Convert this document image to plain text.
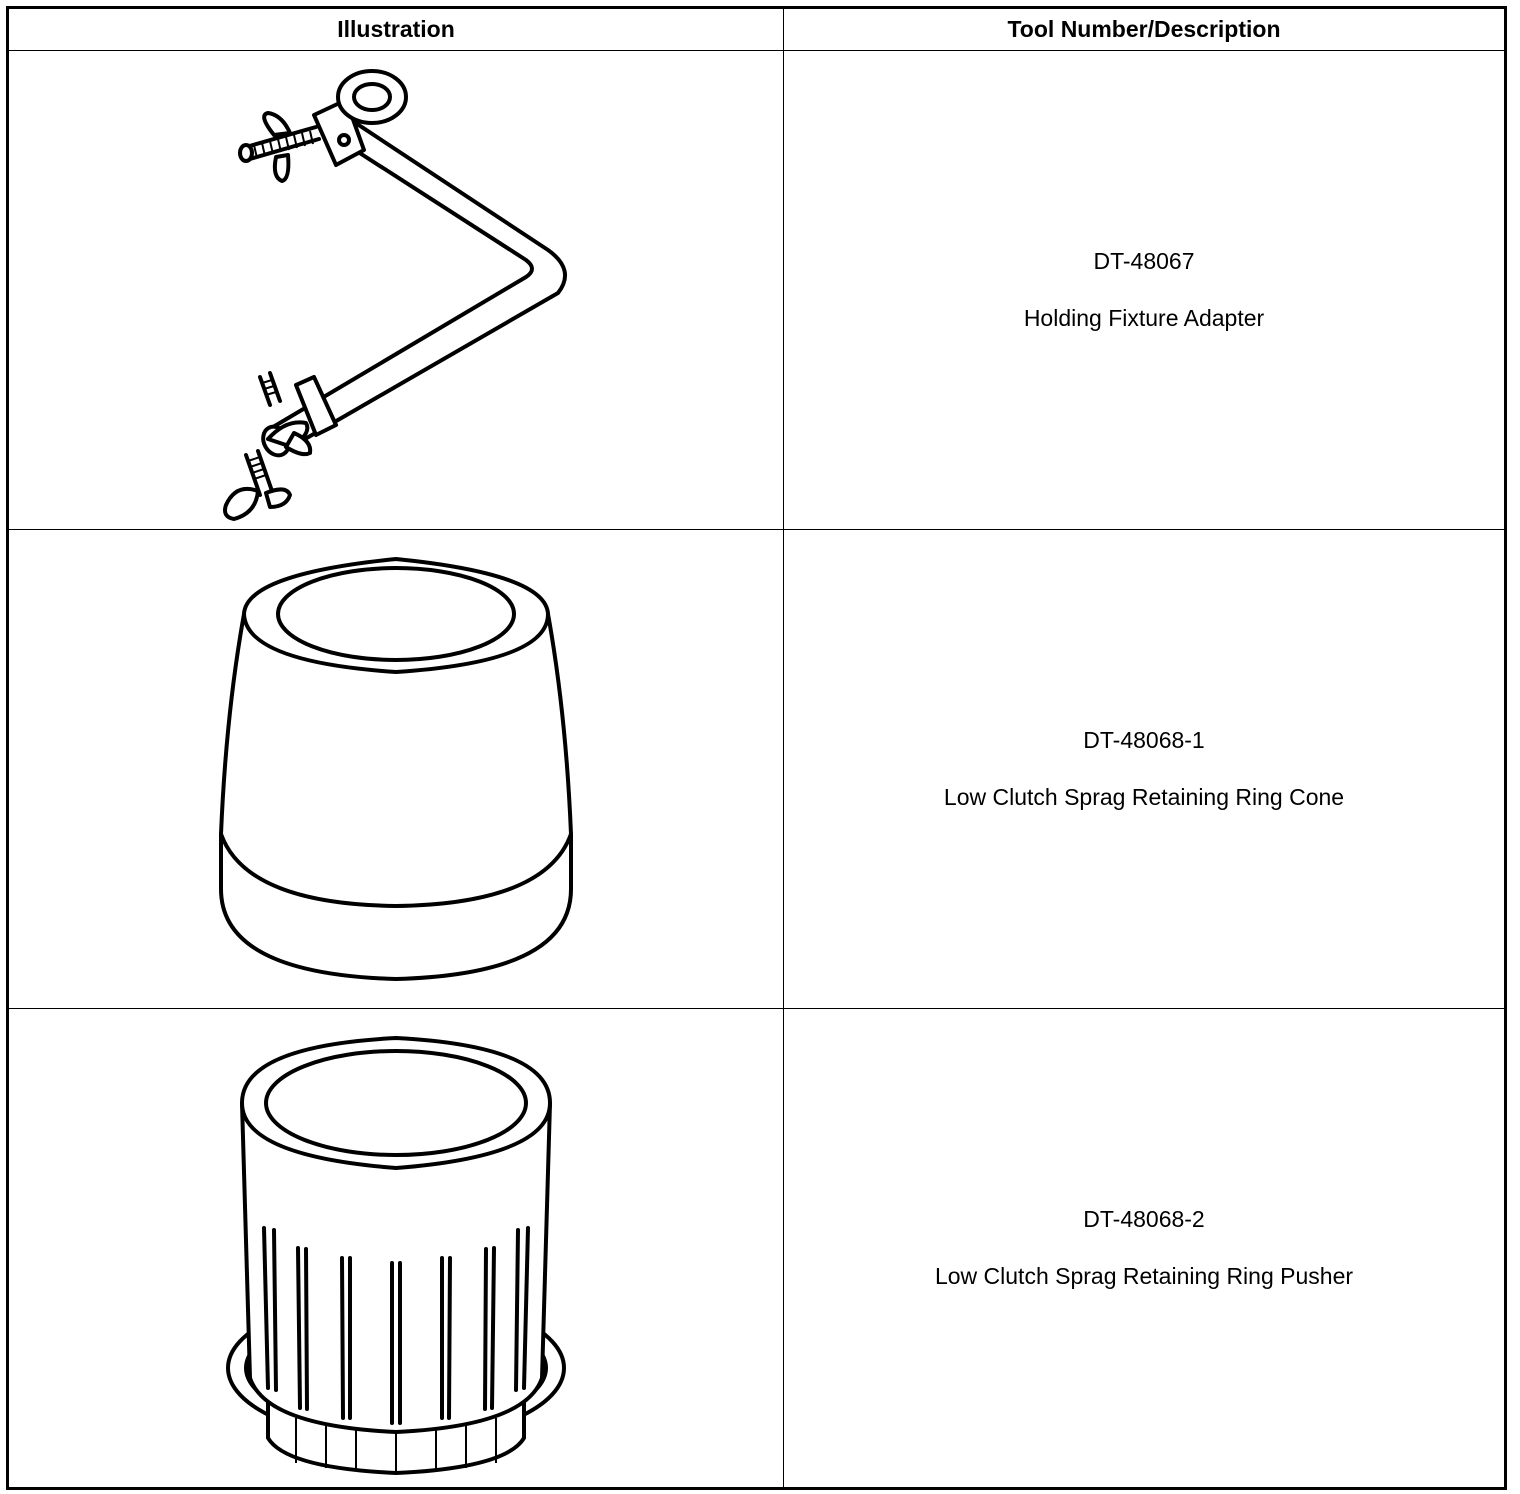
Illustration	Tool Number/Description

DT-48067
Holding Fixture Adapter

DT-48068-1
Low Clutch Sprag Retaining Ring Cone

DT-48068-2
Low Clutch Sprag Retaining Ring Pusher
